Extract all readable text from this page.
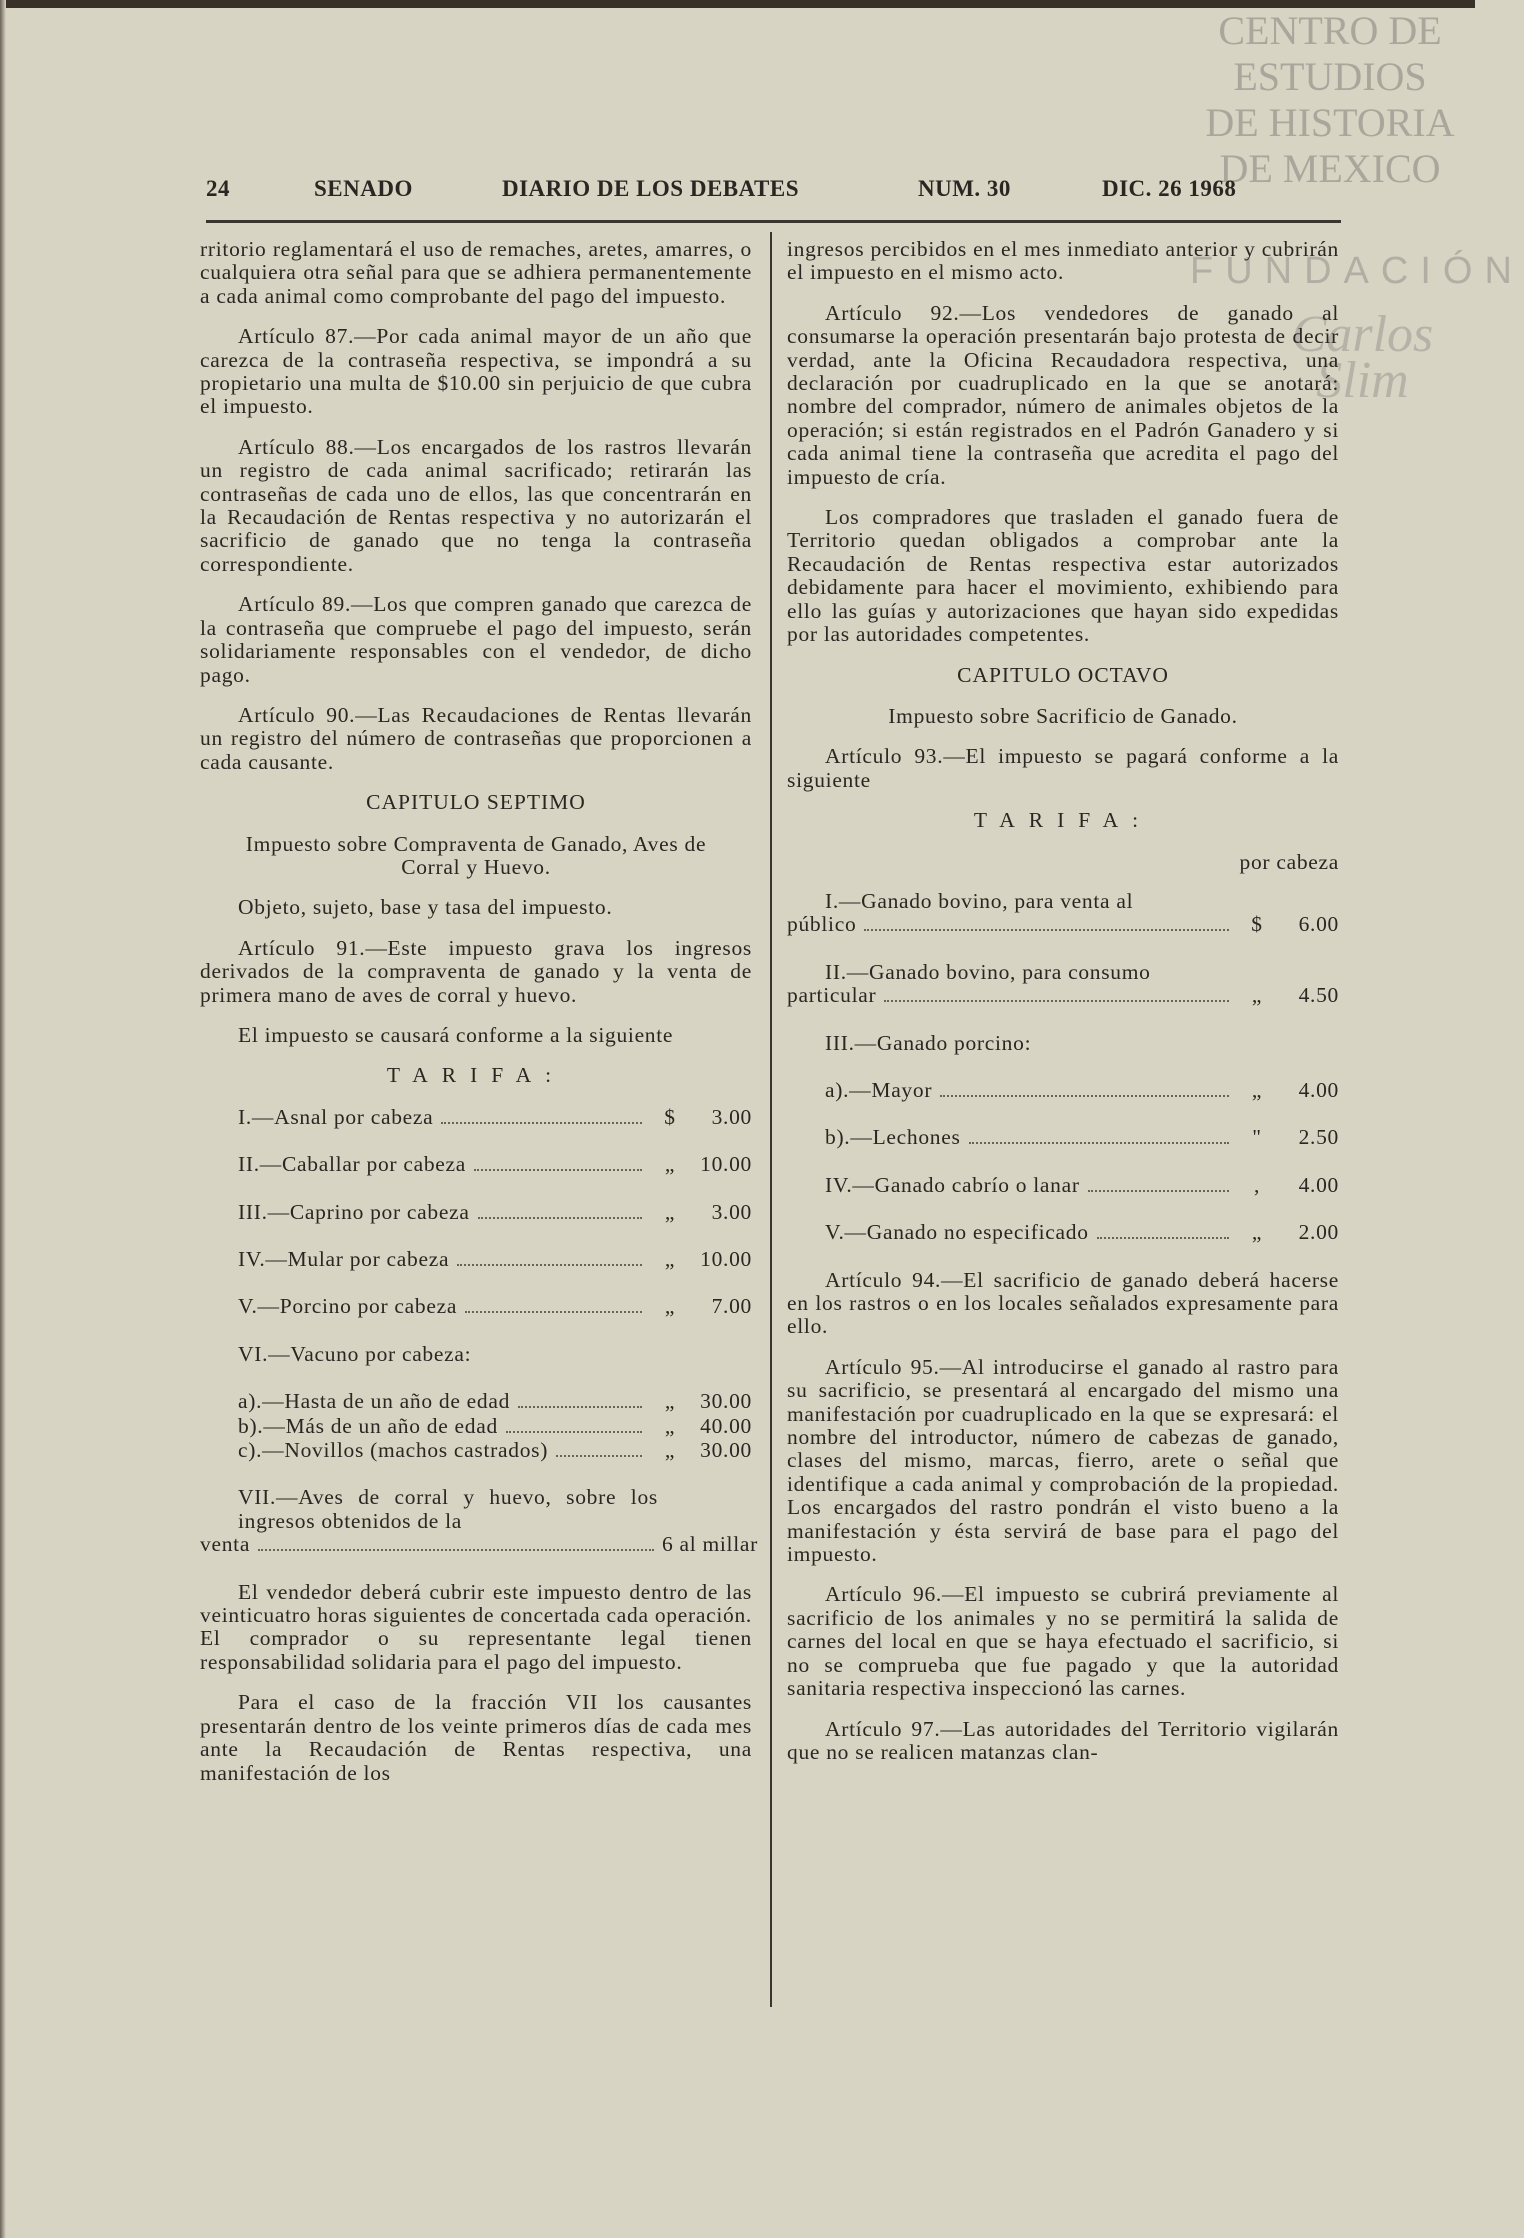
CENTRO DE
ESTUDIOS
DE HISTORIA
DE MEXICO
FUNDACIÓN
Carlos Slim
24	SENADO	DIARIO DE LOS DEBATES	NUM. 30	DIC. 26 1968
rritorio reglamentará el uso de remaches, aretes, amarres, o cualquiera otra señal para que se adhiera permanentemente a cada animal como comprobante del pago del impuesto.
Artículo 87.—Por cada animal mayor de un año que carezca de la contraseña respectiva, se impondrá a su propietario una multa de $10.00 sin perjuicio de que cubra el impuesto.
Artículo 88.—Los encargados de los rastros llevarán un registro de cada animal sacrificado; retirarán las contraseñas de cada uno de ellos, las que concentrarán en la Recaudación de Rentas respectiva y no autorizarán el sacrificio de ganado que no tenga la contraseña correspondiente.
Artículo 89.—Los que compren ganado que carezca de la contraseña que compruebe el pago del impuesto, serán solidariamente responsables con el vendedor, de dicho pago.
Artículo 90.—Las Recaudaciones de Rentas llevarán un registro del número de contraseñas que proporcionen a cada causante.
CAPITULO SEPTIMO
Impuesto sobre Compraventa de Ganado, Aves de Corral y Huevo.
Objeto, sujeto, base y tasa del impuesto.
Artículo 91.—Este impuesto grava los ingresos derivados de la compraventa de ganado y la venta de primera mano de aves de corral y huevo.
El impuesto se causará conforme a la siguiente
TARIFA:
I.—Asnal por cabeza	$	3.00
II.—Caballar por cabeza	„	10.00
III.—Caprino por cabeza	„	3.00
IV.—Mular por cabeza	„	10.00
V.—Porcino por cabeza	„	7.00
VI.—Vacuno por cabeza:
a).—Hasta de un año de edad	„	30.00
b).—Más de un año de edad	„	40.00
c).—Novillos (machos castrados)	„	30.00
VII.—Aves de corral y huevo, sobre los ingresos obtenidos de la
venta	6 al millar
El vendedor deberá cubrir este impuesto dentro de las veinticuatro horas siguientes de concertada cada operación. El comprador o su representante legal tienen responsabilidad solidaria para el pago del impuesto.
Para el caso de la fracción VII los causantes presentarán dentro de los veinte primeros días de cada mes ante la Recaudación de Rentas respectiva, una manifestación de los
ingresos percibidos en el mes inmediato anterior y cubrirán el impuesto en el mismo acto.
Artículo 92.—Los vendedores de ganado al consumarse la operación presentarán bajo protesta de decir verdad, ante la Oficina Recaudadora respectiva, una declaración por cuadruplicado en la que se anotará: nombre del comprador, número de animales objetos de la operación; si están registrados en el Padrón Ganadero y si cada animal tiene la contraseña que acredita el pago del impuesto de cría.
Los compradores que trasladen el ganado fuera de Territorio quedan obligados a comprobar ante la Recaudación de Rentas respectiva estar autorizados debidamente para hacer el movimiento, exhibiendo para ello las guías y autorizaciones que hayan sido expedidas por las autoridades competentes.
CAPITULO OCTAVO
Impuesto sobre Sacrificio de Ganado.
Artículo 93.—El impuesto se pagará conforme a la siguiente
TARIFA:
por cabeza
I.—Ganado bovino, para venta al
público	$	6.00
II.—Ganado bovino, para consumo
particular	„	4.50
III.—Ganado porcino:
a).—Mayor	„	4.00
b).—Lechones	"	2.50
IV.—Ganado cabrío o lanar	,	4.00
V.—Ganado no especificado	„	2.00
Artículo 94.—El sacrificio de ganado deberá hacerse en los rastros o en los locales señalados expresamente para ello.
Artículo 95.—Al introducirse el ganado al rastro para su sacrificio, se presentará al encargado del mismo una manifestación por cuadruplicado en la que se expresará: el nombre del introductor, número de cabezas de ganado, clases del mismo, marcas, fierro, arete o señal que identifique a cada animal y comprobación de la propiedad. Los encargados del rastro pondrán el visto bueno a la manifestación y ésta servirá de base para el pago del impuesto.
Artículo 96.—El impuesto se cubrirá previamente al sacrificio de los animales y no se permitirá la salida de carnes del local en que se haya efectuado el sacrificio, si no se comprueba que fue pagado y que la autoridad sanitaria respectiva inspeccionó las carnes.
Artículo 97.—Las autoridades del Territorio vigilarán que no se realicen matanzas clan-
